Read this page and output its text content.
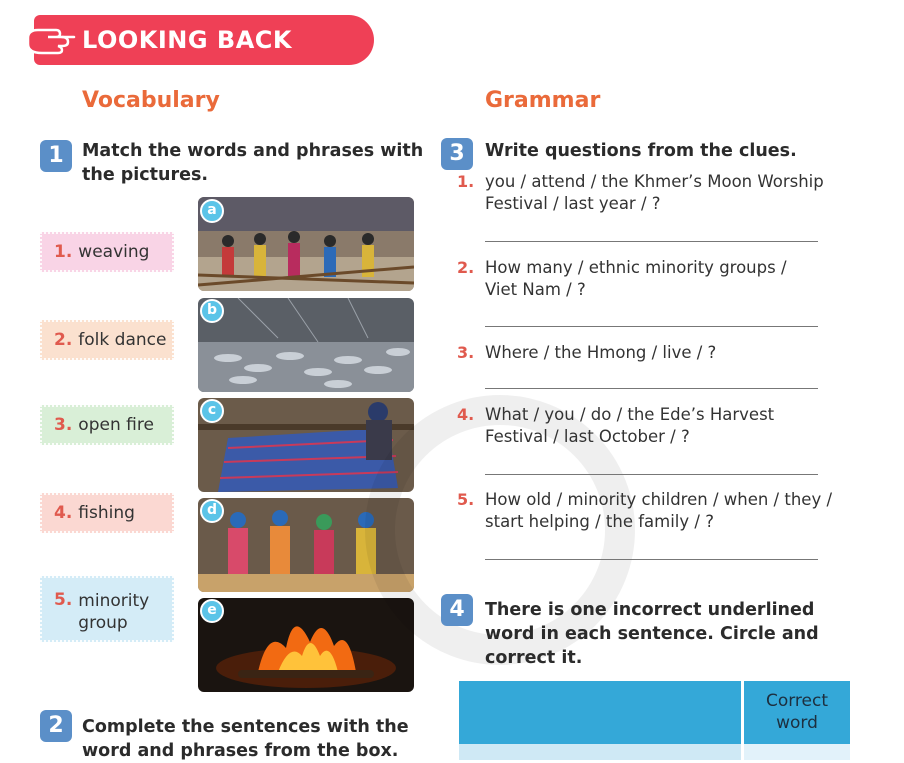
LOOKING BACK
Vocabulary
1	Match the words and phrases with
the pictures.
1. weaving
2. folk dance
3. open fire
4. fishing
5. minority
group
a
b
c
d
e
2	Complete the sentences with the
word and phrases from the box.
Grammar
3	Write questions from the clues.
1. you / attend / the Khmer’s Moon Worship
Festival / last year / ?
2. How many / ethnic minority groups /
Viet Nam / ?
3. Where / the Hmong / live / ?
4. What / you / do / the Ede’s Harvest
Festival / last October / ?
5. How old / minority children / when / they /
start helping / the family / ?
4	There is one incorrect underlined
word in each sentence. Circle and
correct it.
Correct
word
